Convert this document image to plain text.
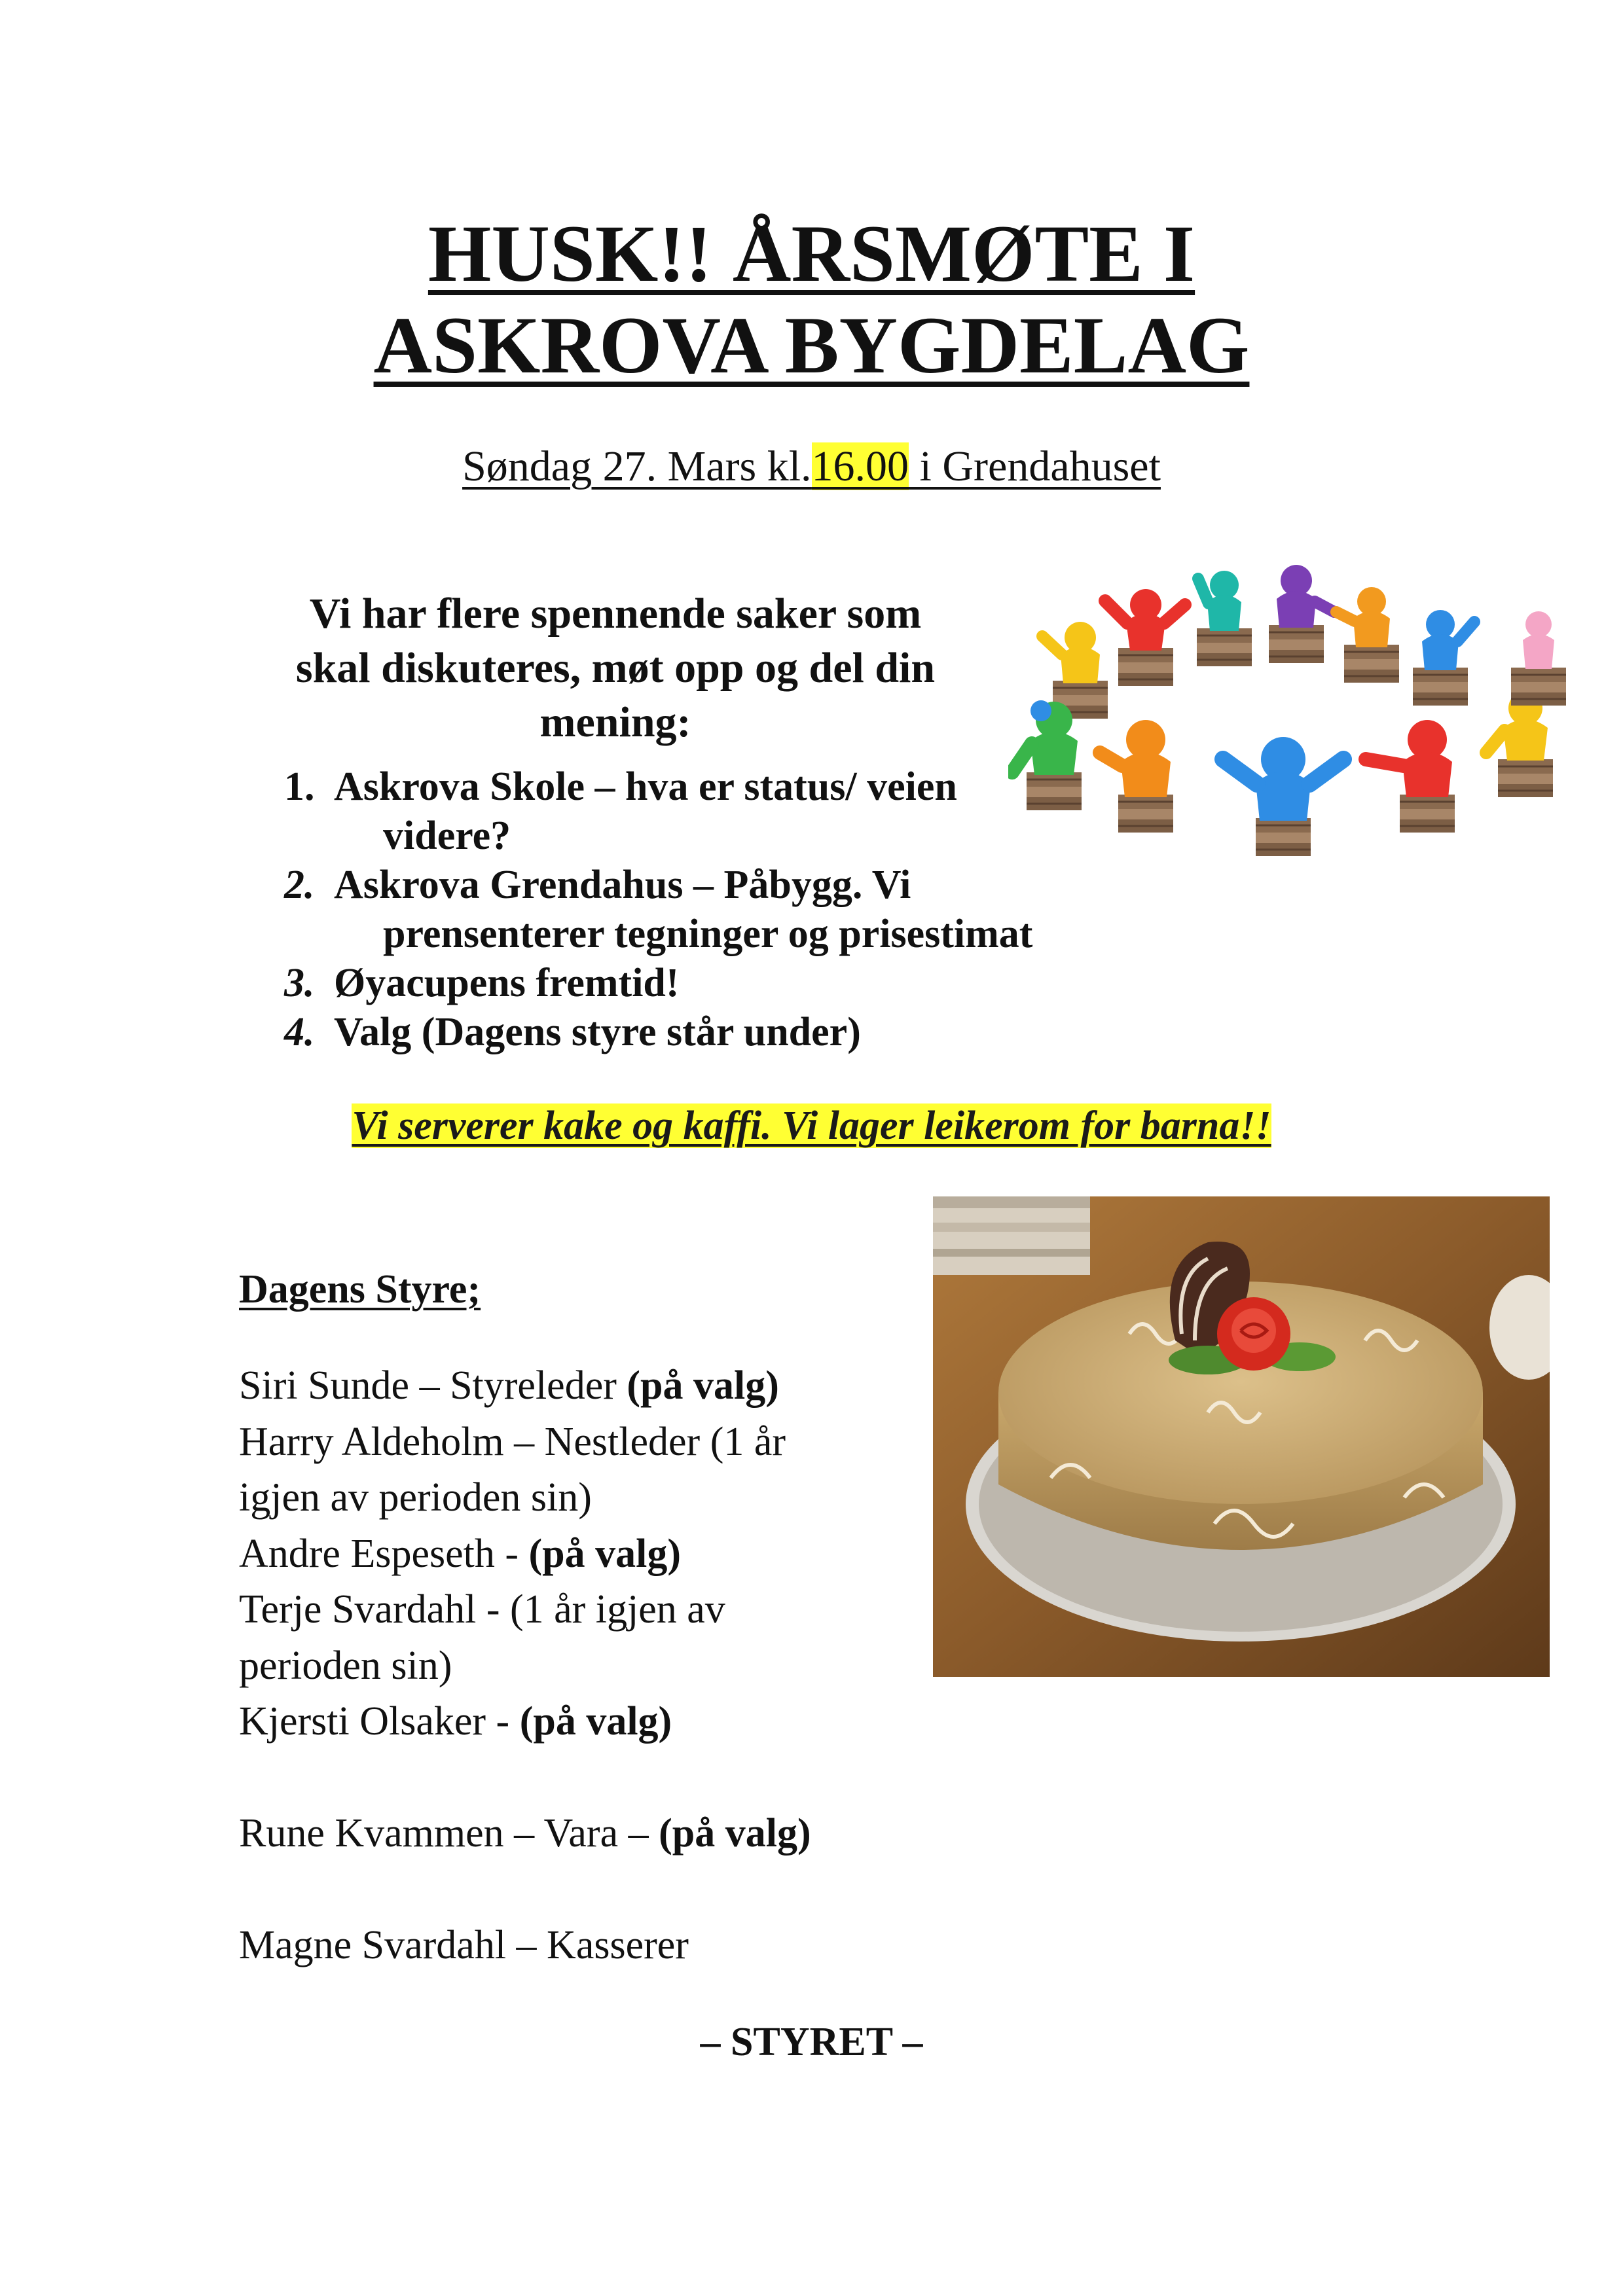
HUSK!! ÅRSMØTE I
ASKROVA BYGDELAG
Søndag 27. Mars kl.16.00 i Grendahuset
Vi har flere spennende saker som
skal diskuteres, møt opp og del din
mening:
1. Askrova Skole – hva er status/ veien
videre?
2. Askrova Grendahus – Påbygg. Vi
prensenterer tegninger og prisestimat
3. Øyacupens fremtid!
4. Valg (Dagens styre står under)
Vi serverer kake og kaffi. Vi lager leikerom for barna!!
Dagens Styre;
Siri Sunde – Styreleder (på valg)
Harry Aldeholm – Nestleder (1 år
igjen av perioden sin)
Andre Espeseth - (på valg)
Terje Svardahl - (1 år igjen av
perioden sin)
Kjersti Olsaker - (på valg)
Rune Kvammen – Vara – (på valg)
Magne Svardahl – Kasserer
– STYRET –
